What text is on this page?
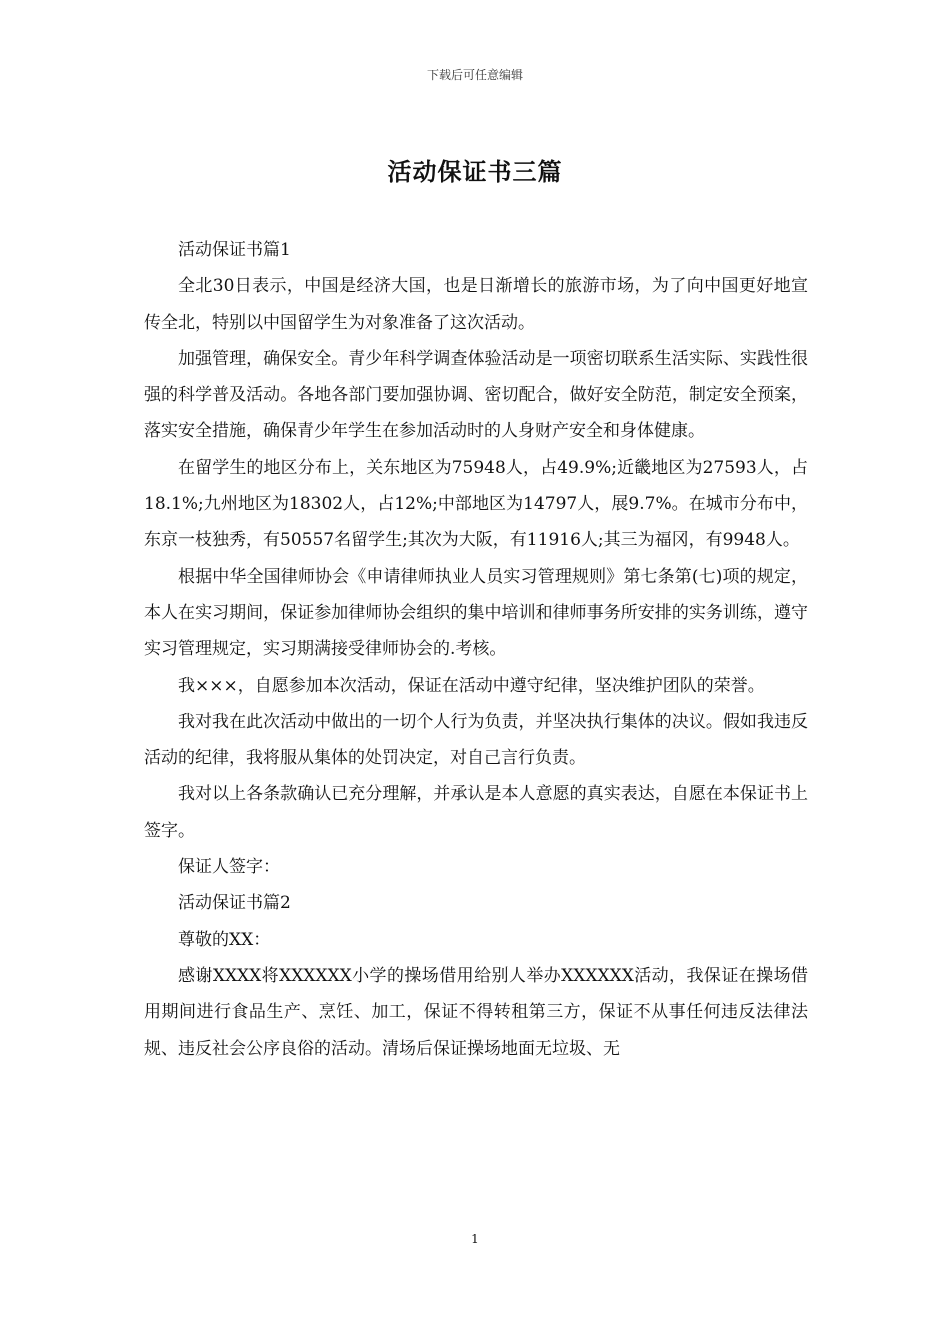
下载后可任意编辑

活动保证书三篇

活动保证书篇1

全北30日表示，中国是经济大国，也是日渐增长的旅游市场，为了向中国更好地宣传全北，特别以中国留学生为对象准备了这次活动。

加强管理，确保安全。青少年科学调查体验活动是一项密切联系生活实际、实践性很强的科学普及活动。各地各部门要加强协调、密切配合，做好安全防范，制定安全预案，落实安全措施，确保青少年学生在参加活动时的人身财产安全和身体健康。

在留学生的地区分布上，关东地区为75948人，占49.9%;近畿地区为27593人，占18.1%;九州地区为18302人，占12%;中部地区为14797人，展9.7%。在城市分布中，东京一枝独秀，有50557名留学生;其次为大阪，有11916人;其三为福冈，有9948人。

根据中华全国律师协会《申请律师执业人员实习管理规则》第七条第(七)项的规定，本人在实习期间，保证参加律师协会组织的集中培训和律师事务所安排的实务训练，遵守实习管理规定，实习期满接受律师协会的.考核。

我×××，自愿参加本次活动，保证在活动中遵守纪律，坚决维护团队的荣誉。

我对我在此次活动中做出的一切个人行为负责，并坚决执行集体的决议。假如我违反活动的纪律，我将服从集体的处罚决定，对自己言行负责。

我对以上各条款确认已充分理解，并承认是本人意愿的真实表达，自愿在本保证书上签字。

保证人签字：

活动保证书篇2

尊敬的XX：

感谢XXXX将XXXXXX小学的操场借用给别人举办XXXXXX活动，我保证在操场借用期间进行食品生产、烹饪、加工，保证不得转租第三方，保证不从事任何违反法律法规、违反社会公序良俗的活动。清场后保证操场地面无垃圾、无

1
